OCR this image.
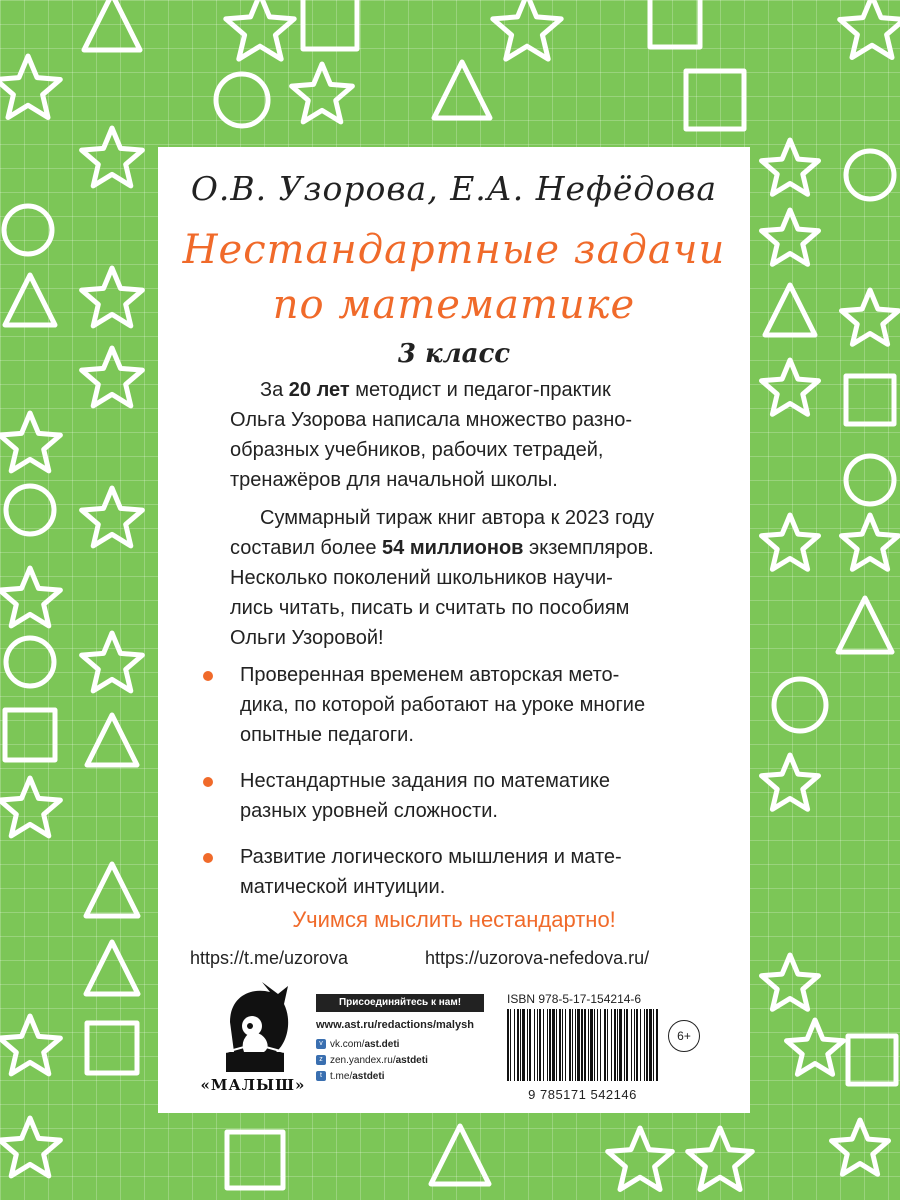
О.В. Узорова, Е.А. Нефёдова
Нестандартные задачи
по математике
3 класс
За 20 лет методист и педагог-практик
Ольга Узорова написала множество разно-
образных учебников, рабочих тетрадей,
тренажёров для начальной школы.
Суммарный тираж книг автора к 2023 году
составил более 54 миллионов экземпляров.
Несколько поколений школьников научи-
лись читать, писать и считать по пособиям
Ольги Узоровой!
Проверенная временем авторская мето-
дика, по которой работают на уроке многие
опытные педагоги.
Нестандартные задания по математике
разных уровней сложности.
Развитие логического мышления и мате-
матической интуиции.
Учимся мыслить нестандартно!
https://t.me/uzorova	https://uzorova-nefedova.ru/
«МАЛЫШ»
Присоединяйтесь к нам!
www.ast.ru/redactions/malysh
v vk.com/ast.deti
z zen.yandex.ru/astdeti
t t.me/astdeti
ISBN 978-5-17-154214-6
9 785171 542146
6+
